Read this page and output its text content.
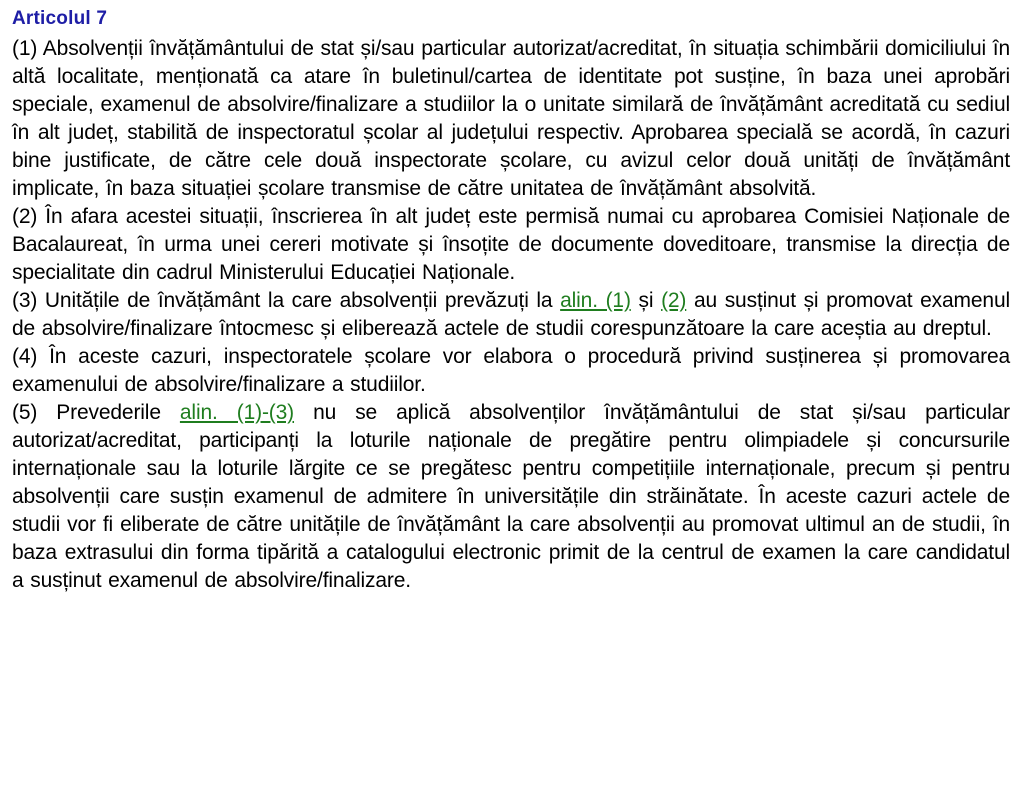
Articolul 7

(1) Absolvenții învățământului de stat și/sau particular autorizat/acreditat, în situația schimbării domiciliului în altă localitate, menționată ca atare în buletinul/cartea de identitate pot susține, în baza unei aprobări speciale, examenul de absolvire/finalizare a studiilor la o unitate similară de învățământ acreditată cu sediul în alt județ, stabilită de inspectoratul școlar al județului respectiv. Aprobarea specială se acordă, în cazuri bine justificate, de către cele două inspectorate școlare, cu avizul celor două unități de învățământ implicate, în baza situației școlare transmise de către unitatea de învățământ absolvită.

(2) În afara acestei situații, înscrierea în alt județ este permisă numai cu aprobarea Comisiei Naționale de Bacalaureat, în urma unei cereri motivate și însoțite de documente doveditoare, transmise la direcția de specialitate din cadrul Ministerului Educației Naționale.

(3) Unitățile de învățământ la care absolvenții prevăzuți la alin. (1) și (2) au susținut și promovat examenul de absolvire/finalizare întocmesc și eliberează actele de studii corespunzătoare la care aceștia au dreptul.

(4) În aceste cazuri, inspectoratele școlare vor elabora o procedură privind susținerea și promovarea examenului de absolvire/finalizare a studiilor.

(5) Prevederile alin. (1)-(3) nu se aplică absolvenților învățământului de stat și/sau particular autorizat/acreditat, participanți la loturile naționale de pregătire pentru olimpiadele și concursurile internaționale sau la loturile lărgite ce se pregătesc pentru competițiile internaționale, precum și pentru absolvenții care susțin examenul de admitere în universitățile din străinătate. În aceste cazuri actele de studii vor fi eliberate de către unitățile de învățământ la care absolvenții au promovat ultimul an de studii, în baza extrasului din forma tipărită a catalogului electronic primit de la centrul de examen la care candidatul a susținut examenul de absolvire/finalizare.
